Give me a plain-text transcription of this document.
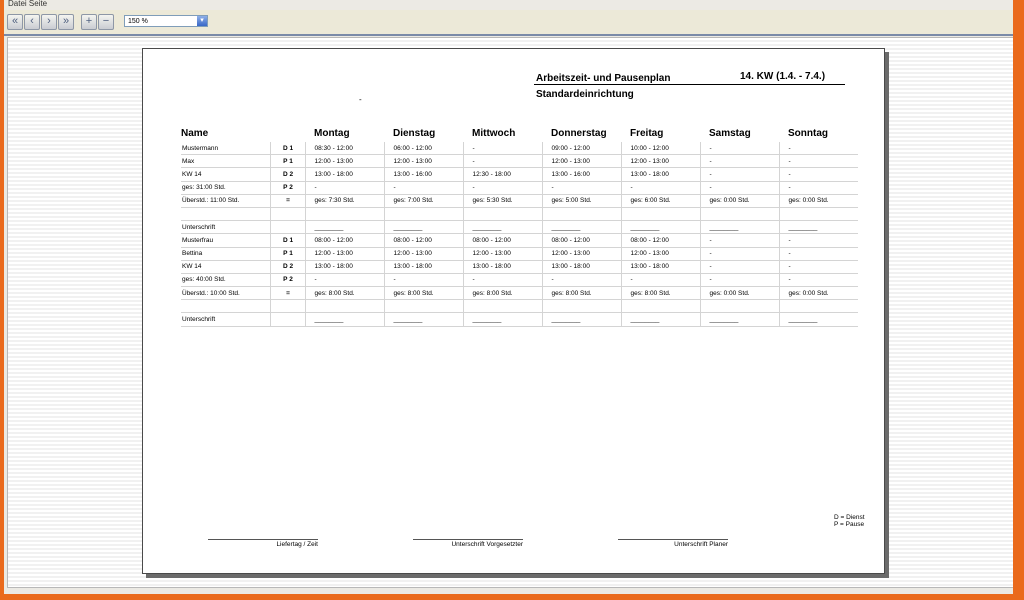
Datei Seite
«	‹	›	»	+ −	150 %	▾
Arbeitszeit- und Pausenplan	14. KW (1.4. - 7.4.)
Standardeinrichtung
-
Name		Montag	Dienstag	Mittwoch	Donnerstag	Freitag	Samstag	Sonntag
Mustermann	D 1	08:30 - 12:00	06:00 - 12:00	-	09:00 - 12:00	10:00 - 12:00	-	-
Max	P 1	12:00 - 13:00	12:00 - 13:00	-	12:00 - 13:00	12:00 - 13:00	-	-
KW 14	D 2	13:00 - 18:00	13:00 - 16:00	12:30 - 18:00	13:00 - 16:00	13:00 - 18:00	-	-
ges: 31:00 Std.	P 2	-	-	-	-	-	-	-
Überstd.: 11:00 Std.	=	ges: 7:30 Std.	ges: 7:00 Std.	ges: 5:30 Std.	ges: 5:00 Std.	ges: 6:00 Std.	ges: 0:00 Std.	ges: 0:00 Std.

Unterschrift		________	________	________	________	________	________	________
Musterfrau	D 1	08:00 - 12:00	08:00 - 12:00	08:00 - 12:00	08:00 - 12:00	08:00 - 12:00	-	-
Bettina	P 1	12:00 - 13:00	12:00 - 13:00	12:00 - 13:00	12:00 - 13:00	12:00 - 13:00	-	-
KW 14	D 2	13:00 - 18:00	13:00 - 18:00	13:00 - 18:00	13:00 - 18:00	13:00 - 18:00	-	-
ges: 40:00 Std.	P 2	-	-	-	-	-	-	-
Überstd.: 10:00 Std.	=	ges: 8:00 Std.	ges: 8:00 Std.	ges: 8:00 Std.	ges: 8:00 Std.	ges: 8:00 Std.	ges: 0:00 Std.	ges: 0:00 Std.

Unterschrift		________	________	________	________	________	________	________
D = Dienst
P = Pause
Liefertag / Zeit	Unterschrift Vorgesetzter	Unterschrift Planer
